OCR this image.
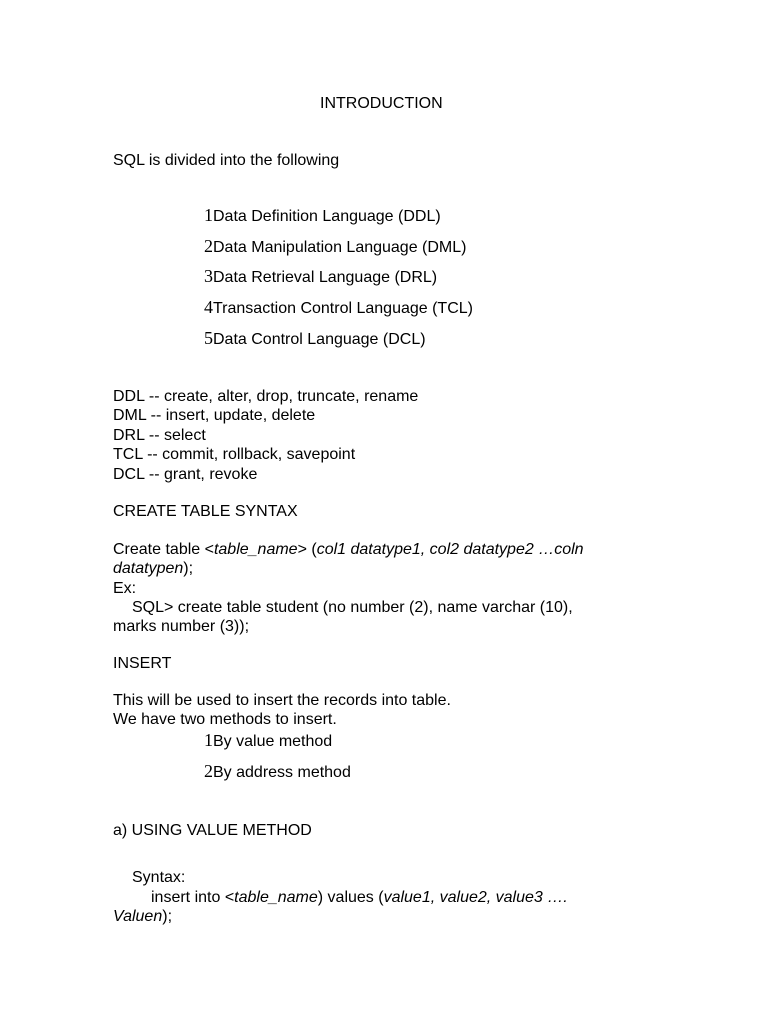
INTRODUCTION
SQL is divided into the following
1Data Definition Language (DDL)
2Data Manipulation Language (DML)
3Data Retrieval Language (DRL)
4Transaction Control Language (TCL)
5Data Control Language (DCL)
DDL -- create, alter, drop, truncate, rename
DML -- insert, update, delete
DRL -- select
TCL -- commit, rollback, savepoint
DCL -- grant, revoke
CREATE TABLE SYNTAX
Create table <table_name> (col1 datatype1, col2 datatype2 …coln
datatypen);
Ex:
SQL> create table student (no number (2), name varchar (10),
marks number (3));
INSERT
This will be used to insert the records into table.
We have two methods to insert.
1By value method
2By address method
a) USING VALUE METHOD
Syntax:
insert into <table_name) values (value1, value2, value3 ….
Valuen);
